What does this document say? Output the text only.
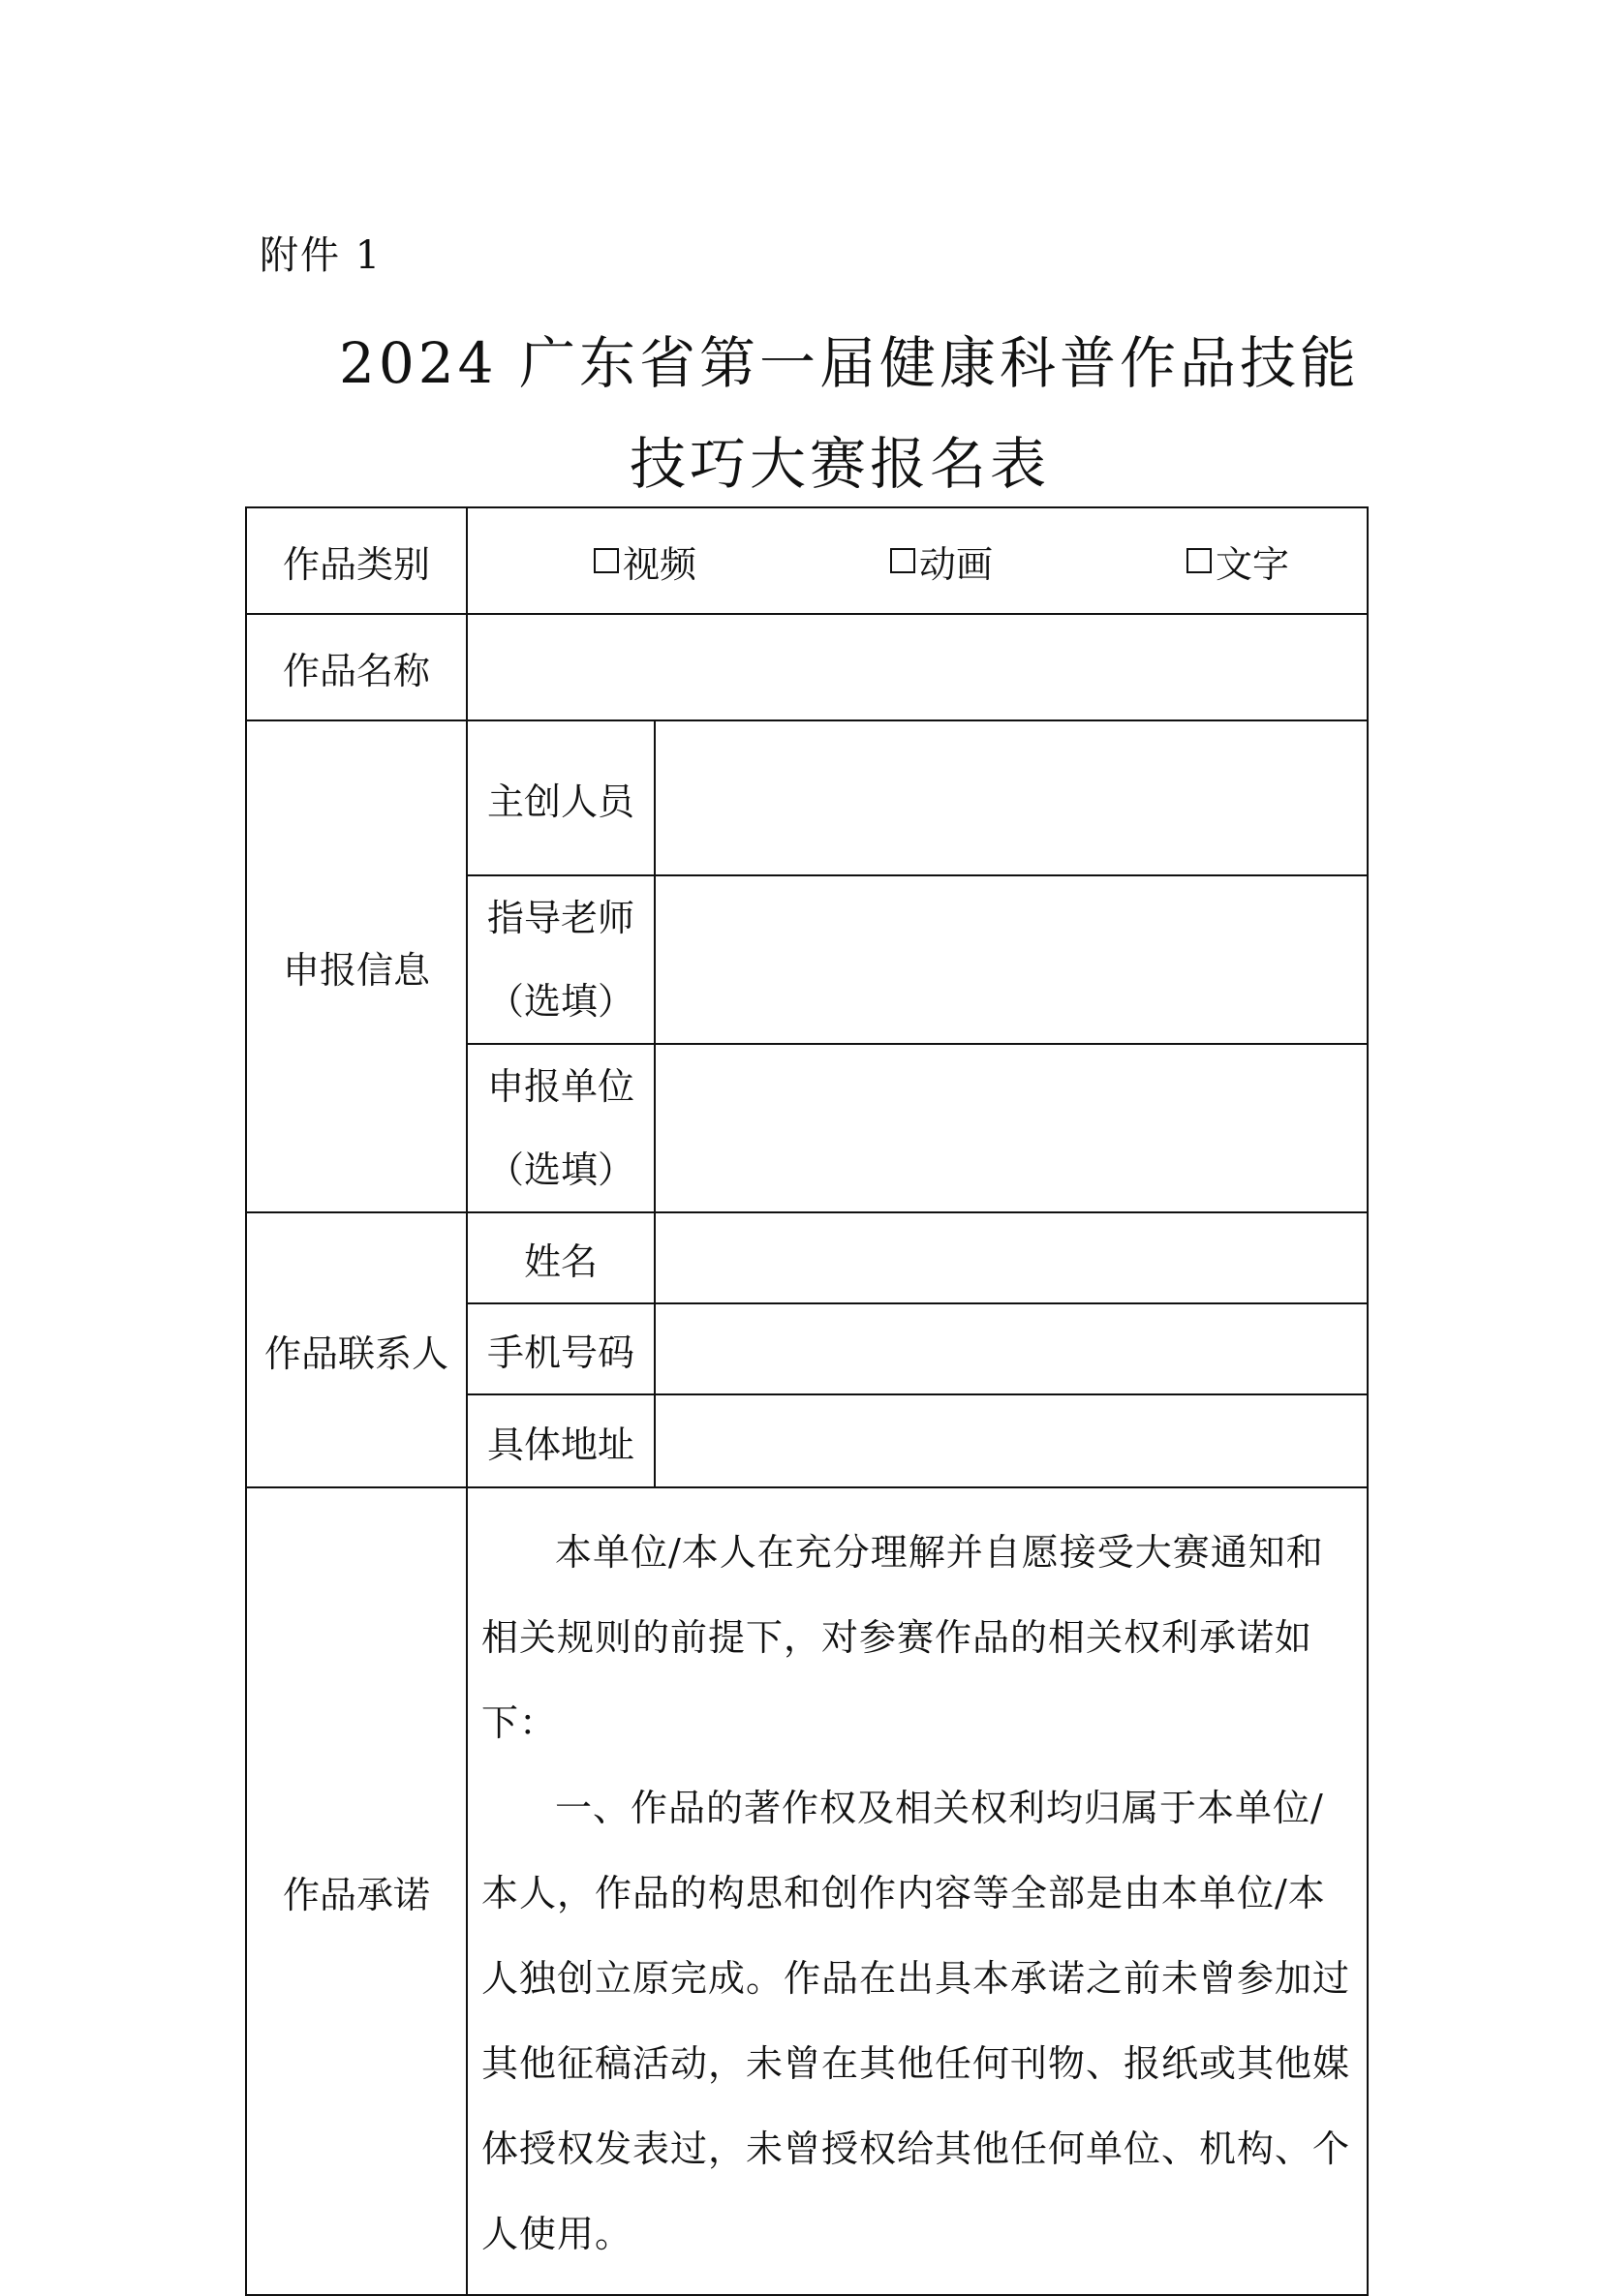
附件 1
2024 广东省第一届健康科普作品技能
技巧大赛报名表
作品类别	视频 动画 文字	

作品名称		
申报信息	主创人员	

	指导老师
（选填）	

	申报单位
（选填）	

作品联系人	姓名	
	手机号码	
	具体地址	
作品承诺	本单位/本人在充分理解并自愿接受大赛通知和相关规则的前提下，对参赛作品的相关权利承诺如下：

一、作品的著作权及相关权利均归属于本单位/本人，作品的构思和创作内容等全部是由本单位/本人独创立原完成。作品在出具本承诺之前未曾参加过其他征稿活动，未曾在其他任何刊物、报纸或其他媒体授权发表过，未曾授权给其他任何单位、机构、个人使用。	
